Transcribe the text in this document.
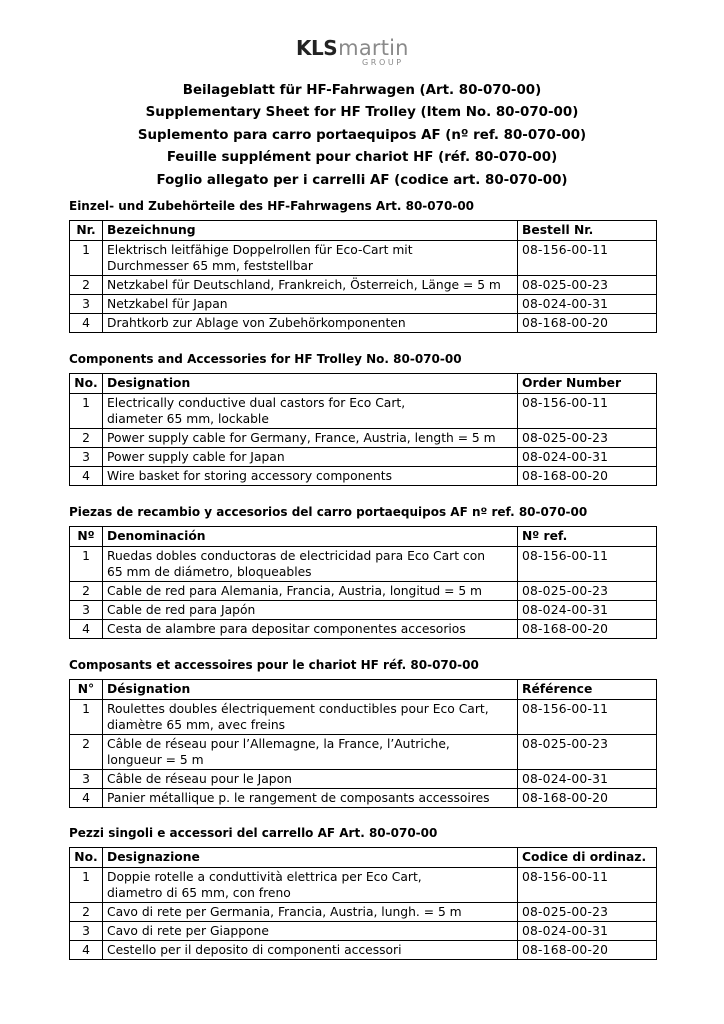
KLSmartin
GROUP

Beilageblatt für HF-Fahrwagen (Art. 80-070-00)

Supplementary Sheet for HF Trolley (Item No. 80-070-00)

Suplemento para carro portaequipos AF (nº ref. 80-070-00)

Feuille supplément pour chariot HF (réf. 80-070-00)

Foglio allegato per i carrelli AF (codice art. 80-070-00)

Einzel- und Zubehörteile des HF-Fahrwagens Art. 80-070-00

Nr.	Bezeichnung	Bestell Nr.
1	Elektrisch leitfähige Doppelrollen für Eco-Cart mit
Durchmesser 65 mm, feststellbar	08-156-00-11
2	Netzkabel für Deutschland, Frankreich, Österreich, Länge = 5 m	08-025-00-23
3	Netzkabel für Japan	08-024-00-31
4	Drahtkorb zur Ablage von Zubehörkomponenten	08-168-00-20

Components and Accessories for HF Trolley No. 80-070-00

No.	Designation	Order Number
1	Electrically conductive dual castors for Eco Cart,
diameter 65 mm, lockable	08-156-00-11
2	Power supply cable for Germany, France, Austria, length = 5 m	08-025-00-23
3	Power supply cable for Japan	08-024-00-31
4	Wire basket for storing accessory components	08-168-00-20

Piezas de recambio y accesorios del carro portaequipos AF nº ref. 80-070-00

Nº	Denominación	Nº ref.
1	Ruedas dobles conductoras de electricidad para Eco Cart con
65 mm de diámetro, bloqueables	08-156-00-11
2	Cable de red para Alemania, Francia, Austria, longitud = 5 m	08-025-00-23
3	Cable de red para Japón	08-024-00-31
4	Cesta de alambre para depositar componentes accesorios	08-168-00-20

Composants et accessoires pour le chariot HF réf. 80-070-00

N°	Désignation	Référence
1	Roulettes doubles électriquement conductibles pour Eco Cart,
diamètre 65 mm, avec freins	08-156-00-11
2	Câble de réseau pour l’Allemagne, la France, l’Autriche,
longueur = 5 m	08-025-00-23
3	Câble de réseau pour le Japon	08-024-00-31
4	Panier métallique p. le rangement de composants accessoires	08-168-00-20

Pezzi singoli e accessori del carrello AF Art. 80-070-00

No.	Designazione	Codice di ordinaz.
1	Doppie rotelle a conduttività elettrica per Eco Cart,
diametro di 65 mm, con freno	08-156-00-11
2	Cavo di rete per Germania, Francia, Austria, lungh. = 5 m	08-025-00-23
3	Cavo di rete per Giappone	08-024-00-31
4	Cestello per il deposito di componenti accessori	08-168-00-20
